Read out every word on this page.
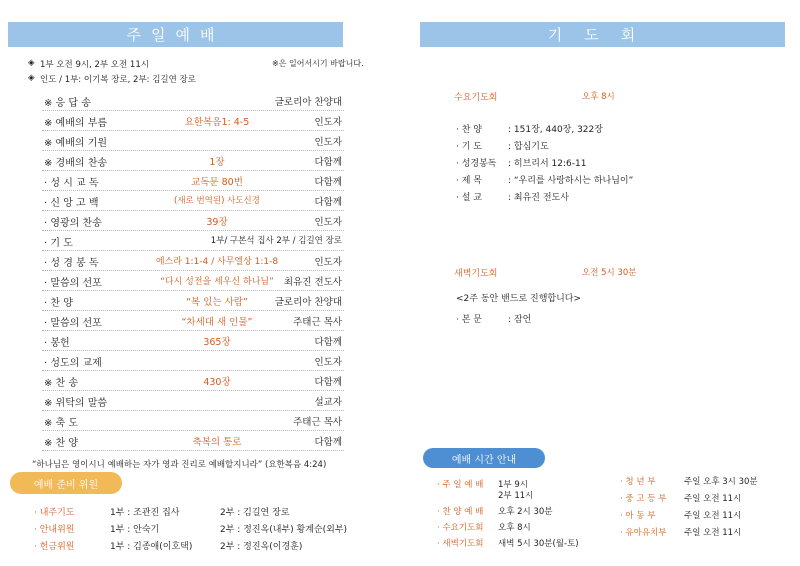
주일예배
◈ 1부 오전 9시, 2부 오전 11시	※은 일어서시기 바랍니다.
◈ 인도 / 1부: 이기복 장로, 2부: 김길연 장로
※ 응 답 송	글로리아 찬양대
※ 예배의 부름	요한복음1: 4-5	인도자
※ 예배의 기원	인도자
※ 경배의 찬송	1장	다함께
· 성 시 교 독	교독문 80번	다함께
· 신 앙 고 백	(새로 번역된) 사도신경	다함께
· 영광의 찬송	39장	인도자
· 기 도	1부/ 구본석 집사 2부 / 김길연 장로
· 성 경 봉 독	에스라 1:1-4 / 사무엘상 1:1-8	인도자
· 말씀의 선포	“다시 성전을 세우신 하나님”	최유진 전도사
· 찬 양	“복 있는 사람”	글로리아 찬양대
· 말씀의 선포	“차세대 새 인물”	주태근 목사
· 봉헌	365장	다함께
· 성도의 교제	인도자
※ 찬 송	430장	다함께
※ 위탁의 말씀	설교자
※ 축 도	주태근 목사
※ 찬 양	축복의 통로	다함께
“하나님은 영이시니 예배하는 자가 영과 진리로 예배할지니라” (요한복음 4:24)
예배 준비 위원
· 내주기도	1부 : 조관진 집사	2부 : 김길연 장로
· 안내위원	1부 : 안숙기	2부 : 정진옥(내부) 황계순(외부)
· 헌금위원	1부 : 김종애(이호택)	2부 : 정진옥(이경훈)
기도회
수요기도회	오후 8시
· 찬 양	: 151장, 440장, 322장
· 기 도	: 합심기도
· 성경봉독 : 히브리서 12:6-11
· 제 목	: “우리를 사랑하시는 하나님이”
· 설 교	: 최유진 전도사
새벽기도회	오전 5시 30분
<2주 동안 밴드로 진행합니다>
· 본 문	: 잠언
예배 시간 안내
· 주 일 예 배 1부 9시
2부 11시
· 찬 양 예 배 오후 2시 30분
· 수요기도회 오후 8시
· 새벽기도회 새벽 5시 30분(월-토)
· 청 년 부	주일 오후 3시 30분
· 중 고 등 부 주일 오전 11시
· 아 동 부	주일 오전 11시
· 유아유치부 주일 오전 11시
